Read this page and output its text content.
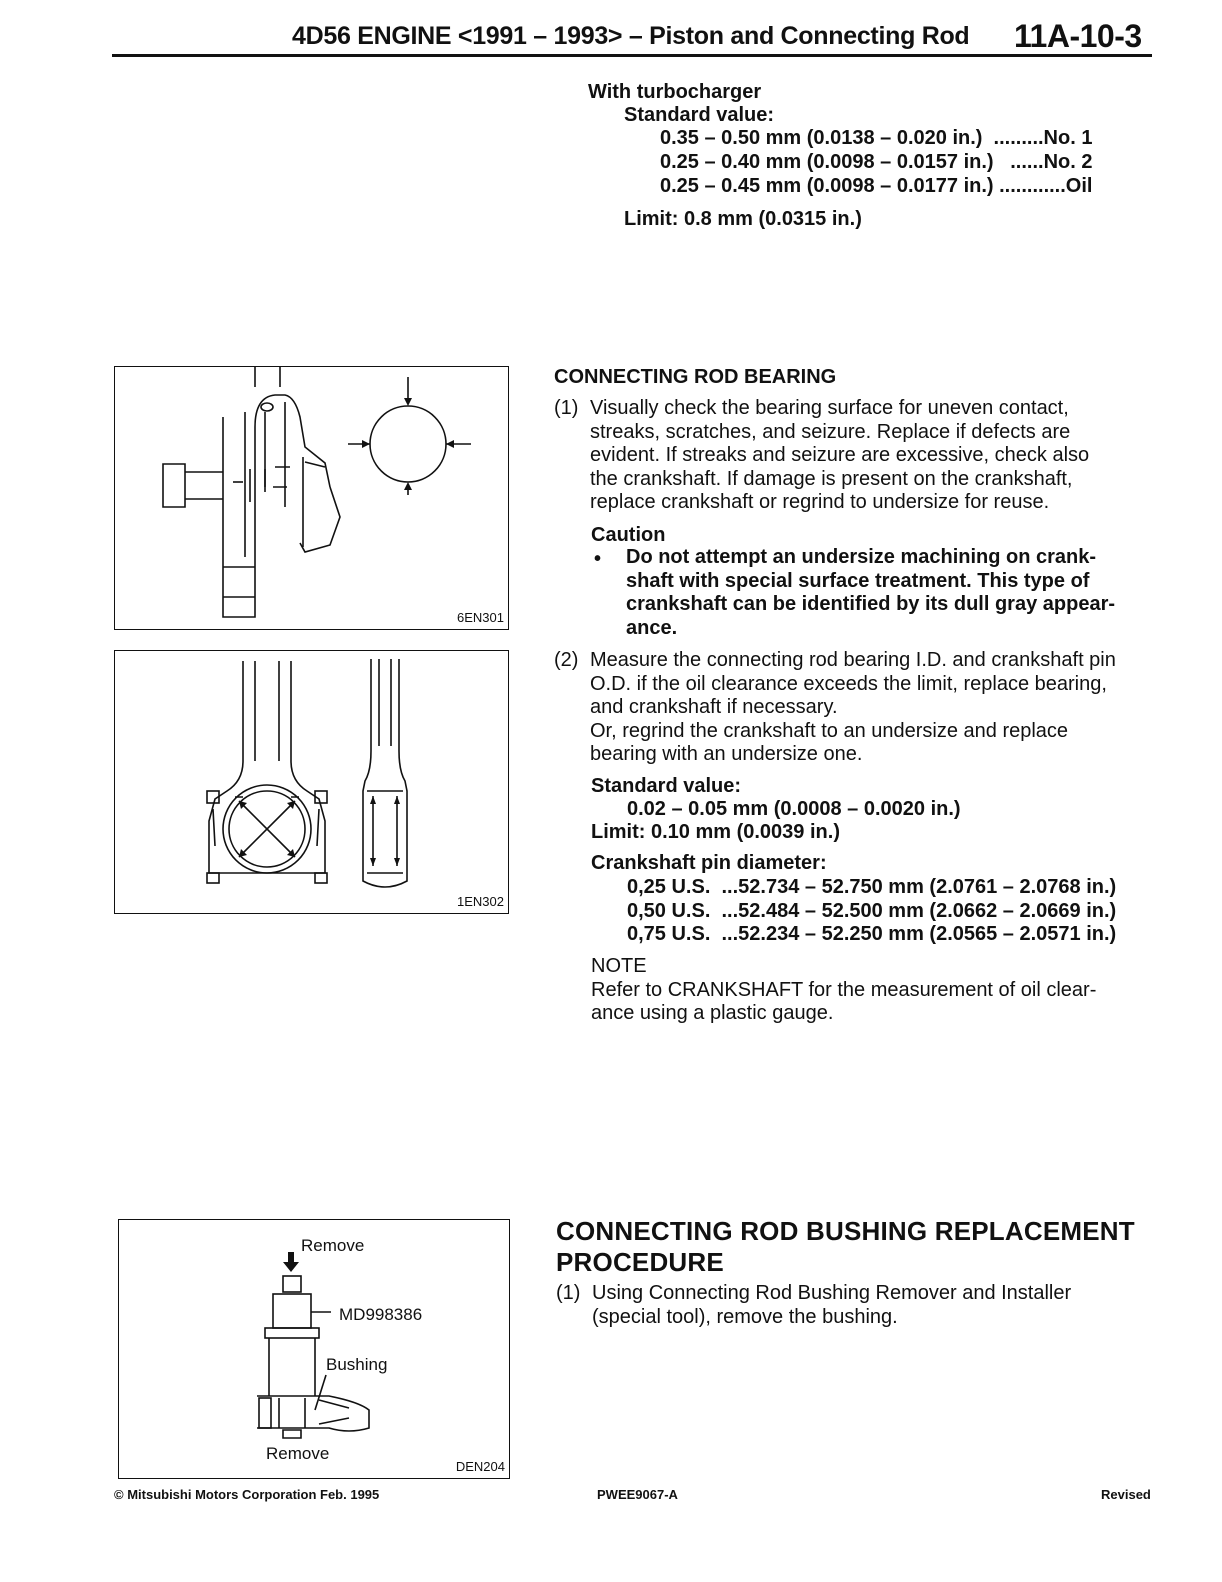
4D56 ENGINE <1991 – 1993> – Piston and Connecting Rod 11A-10-3
With turbocharger
Standard value:
0.35 – 0.50 mm (0.0138 – 0.020 in.)  .........No. 1
0.25 – 0.40 mm (0.0098 – 0.0157 in.)   ......No. 2
0.25 – 0.45 mm (0.0098 – 0.0177 in.) ............Oil
Limit: 0.8 mm (0.0315 in.)
6EN301
1EN302
Remove
MD998386
Bushing
Remove
DEN204
CONNECTING ROD BEARING
(1) Visually check the bearing surface for uneven contact,
streaks, scratches, and seizure. Replace if defects are
evident. If streaks and seizure are excessive, check also
the crankshaft. If damage is present on the crankshaft,
replace crankshaft or regrind to undersize for reuse.
Caution
• Do not attempt an undersize machining on crank-
shaft with special surface treatment. This type of
crankshaft can be identified by its dull gray appear-
ance.
(2) Measure the connecting rod bearing I.D. and crankshaft pin
O.D. if the oil clearance exceeds the limit, replace bearing,
and crankshaft if necessary.
Or, regrind the crankshaft to an undersize and replace
bearing with an undersize one.
Standard value:
0.02 – 0.05 mm (0.0008 – 0.0020 in.)
Limit: 0.10 mm (0.0039 in.)
Crankshaft pin diameter:
0,25 U.S.  ...52.734 – 52.750 mm (2.0761 – 2.0768 in.)
0,50 U.S.  ...52.484 – 52.500 mm (2.0662 – 2.0669 in.)
0,75 U.S.  ...52.234 – 52.250 mm (2.0565 – 2.0571 in.)
NOTE
Refer to CRANKSHAFT for the measurement of oil clear-
ance using a plastic gauge.
CONNECTING ROD BUSHING REPLACEMENT
PROCEDURE
(1) Using Connecting Rod Bushing Remover and Installer
(special tool), remove the bushing.
© Mitsubishi Motors Corporation Feb. 1995	PWEE9067-A	Revised
